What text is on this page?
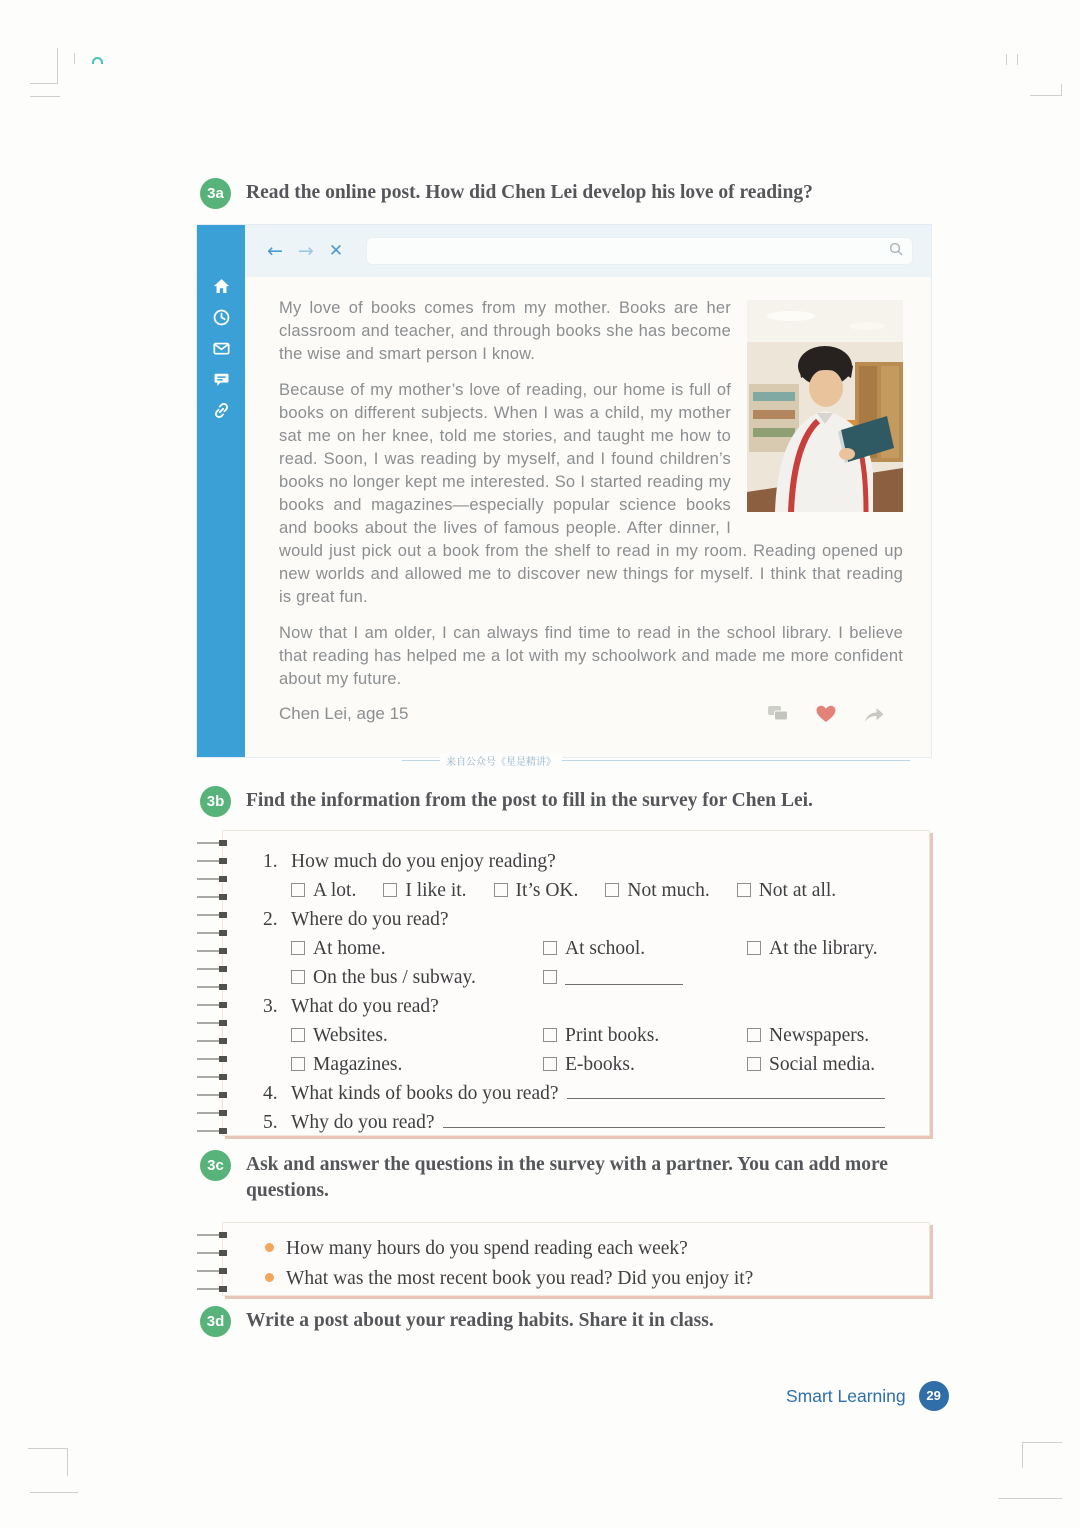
3a	Read the online post. How did Chen Lei develop his love of reading?
← → ✕

My love of books comes from my mother. Books are her classroom and teacher, and through books she has become the wise and smart person I know.

Because of my mother’s love of reading, our home is full of books on different subjects. When I was a child, my mother sat me on her knee, told me stories, and taught me how to read. Soon, I was reading by myself, and I found children’s books no longer kept me interested. So I started reading my books and magazines—especially popular science books and books about the lives of famous people. After dinner, I would just pick out a book from the shelf to read in my room. Reading opened up new worlds and allowed me to discover new things for myself. I think that reading is great fun.

Now that I am older, I can always find time to read in the school library. I believe that reading has helped me a lot with my schoolwork and made me more confident about my future.

Chen Lei, age 15
来自公众号《星是精讲》
3b	Find the information from the post to fill in the survey for Chen Lei.
1. How much do you enjoy reading?
A lot.	I like it.	It’s OK.	Not much.	Not at all.
2. Where do you read?
At home.	At school.	At the library.
On the bus / subway.
3. What do you read?
Websites.	Print books.	Newspapers.
Magazines.	E-books.	Social media.
4. What kinds of books do you read?
5. Why do you read?
3c	Ask and answer the questions in the survey with a partner. You can add more questions.
How many hours do you spend reading each week?
What was the most recent book you read? Did you enjoy it?
3d	Write a post about your reading habits. Share it in class.
Smart Learning	29
